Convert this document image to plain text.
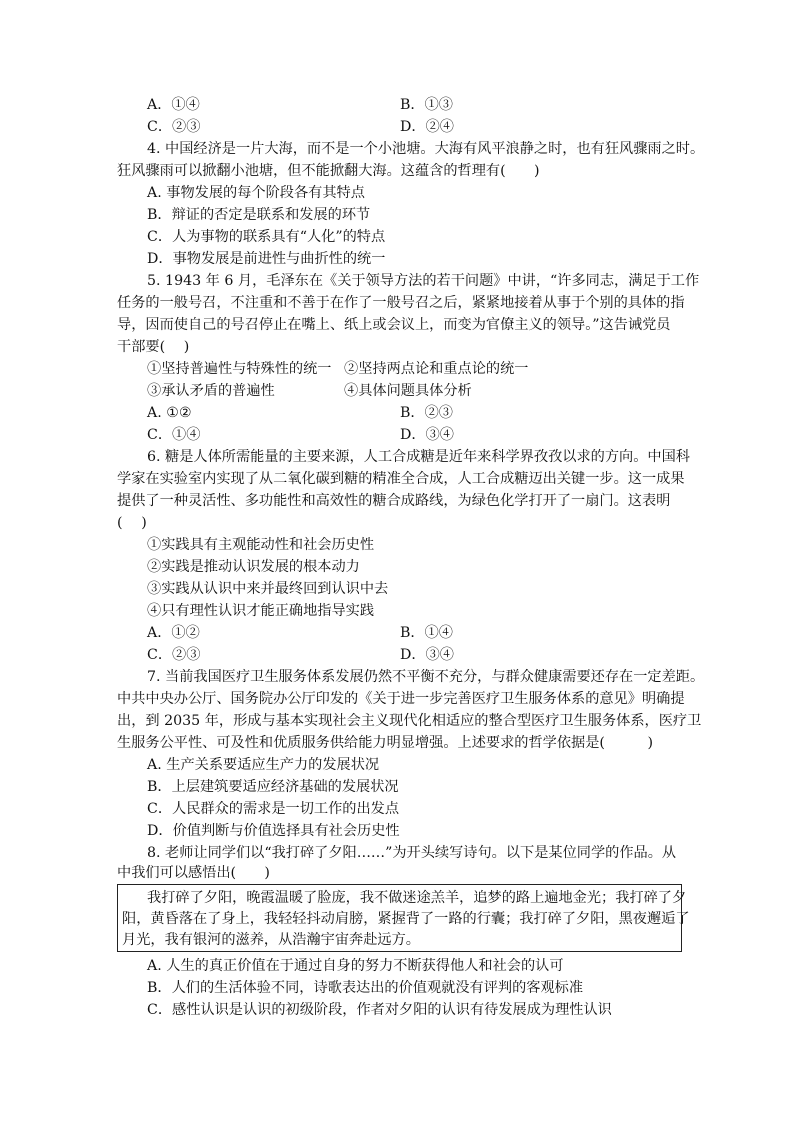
A．①④	B．①③
C．②③	D．②④
4. 中国经济是一片大海，而不是一个小池塘。大海有风平浪静之时，也有狂风骤雨之时。
狂风骤雨可以掀翻小池塘，但不能掀翻大海。这蕴含的哲理有(　　)
A. 事物发展的每个阶段各有其特点
B．辩证的否定是联系和发展的环节
C．人为事物的联系具有“人化”的特点
D．事物发展是前进性与曲折性的统一
5. 1943 年 6 月，毛泽东在《关于领导方法的若干问题》中讲，“许多同志，满足于工作
任务的一般号召，不注重和不善于在作了一般号召之后，紧紧地接着从事于个别的具体的指
导，因而使自己的号召停止在嘴上、纸上或会议上，而变为官僚主义的领导。”这告诫党员
干部要(　 )
①坚持普遍性与特殊性的统一 ②坚持两点论和重点论的统一
③承认矛盾的普遍性	④具体问题具体分析
A. ①②	B．②③
C．①④	D．③④
6. 糖是人体所需能量的主要来源，人工合成糖是近年来科学界孜孜以求的方向。中国科
学家在实验室内实现了从二氧化碳到糖的精准全合成，人工合成糖迈出关键一步。这一成果
提供了一种灵活性、多功能性和高效性的糖合成路线，为绿色化学打开了一扇门。这表明
(　 )
①实践具有主观能动性和社会历史性
②实践是推动认识发展的根本动力
③实践从认识中来并最终回到认识中去
④只有理性认识才能正确地指导实践
A．①②	B．①④
C．②③	D．③④
7. 当前我国医疗卫生服务体系发展仍然不平衡不充分，与群众健康需要还存在一定差距。
中共中央办公厅、国务院办公厅印发的《关于进一步完善医疗卫生服务体系的意见》明确提
出，到 2035 年，形成与基本实现社会主义现代化相适应的整合型医疗卫生服务体系，医疗卫
生服务公平性、可及性和优质服务供给能力明显增强。上述要求的哲学依据是(　　　)
A. 生产关系要适应生产力的发展状况
B．上层建筑要适应经济基础的发展状况
C．人民群众的需求是一切工作的出发点
D．价值判断与价值选择具有社会历史性
8. 老师让同学们以“我打碎了夕阳……”为开头续写诗句。以下是某位同学的作品。从
中我们可以感悟出(　　)
我打碎了夕阳，晚霞温暖了脸庞，我不做迷途羔羊，追梦的路上遍地金光；我打碎了夕
阳，黄昏落在了身上，我轻轻抖动肩膀，紧握背了一路的行囊；我打碎了夕阳，黑夜邂逅了
月光，我有银河的滋养，从浩瀚宇宙奔赴远方。
A. 人生的真正价值在于通过自身的努力不断获得他人和社会的认可
B．人们的生活体验不同，诗歌表达出的价值观就没有评判的客观标准
C．感性认识是认识的初级阶段，作者对夕阳的认识有待发展成为理性认识
